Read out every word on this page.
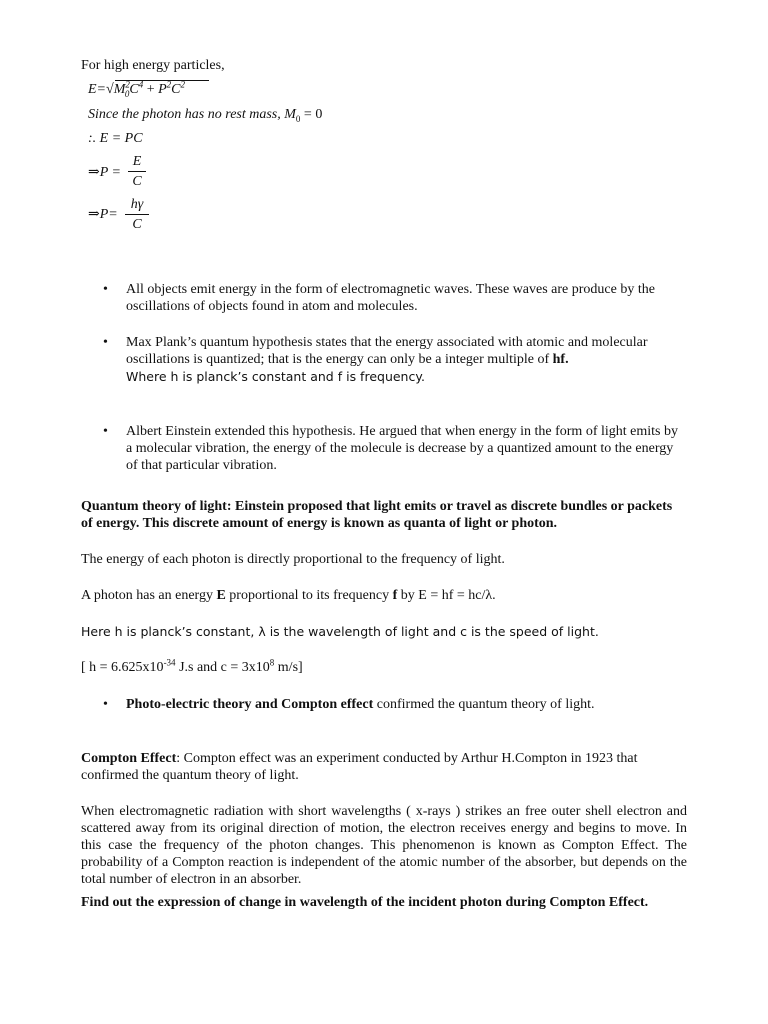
For high energy particles,
$E=√M^2_0C^4 + P^2C^2$
Since the photon has no rest mass, $M_0 = 0$
:. E = PC
⇒P =
E
C
⇒P=
hγ
C
• All objects emit energy in the form of electromagnetic waves. These waves are produce by the oscillations of objects found in atom and molecules.
• Max Plank’s quantum hypothesis states that the energy associated with atomic and molecular oscillations is quantized; that is the energy can only be a integer multiple of hf.
Where h is planck’s constant and f is frequency.
• Albert Einstein extended this hypothesis. He argued that when energy in the form of light emits by a molecular vibration, the energy of the molecule is decrease by a quantized amount to the energy of that particular vibration.
Quantum theory of light: Einstein proposed that light emits or travel as discrete bundles or packets of energy. This discrete amount of energy is known as quanta of light or photon.
The energy of each photon is directly proportional to the frequency of light.
A photon has an energy E proportional to its frequency f by E = hf = hc/λ.
Here h is planck’s constant, λ is the wavelength of light and c is the speed of light.
[ $h = 6.625x10^{-34}$ J.s and $c = 3x10^8$ m/s]
• Photo-electric theory and Compton effect confirmed the quantum theory of light.
Compton Effect: Compton effect was an experiment conducted by Arthur H.Compton in 1923 that confirmed the quantum theory of light.
When electromagnetic radiation with short wavelengths ( x-rays ) strikes an free outer shell electron and scattered away from its original direction of motion, the electron receives energy and begins to move. In this case the frequency of the photon changes. This phenomenon is known as Compton Effect. The probability of a Compton reaction is independent of the atomic number of the absorber, but depends on the total number of electron in an absorber.
Find out the expression of change in wavelength of the incident photon during Compton Effect.
